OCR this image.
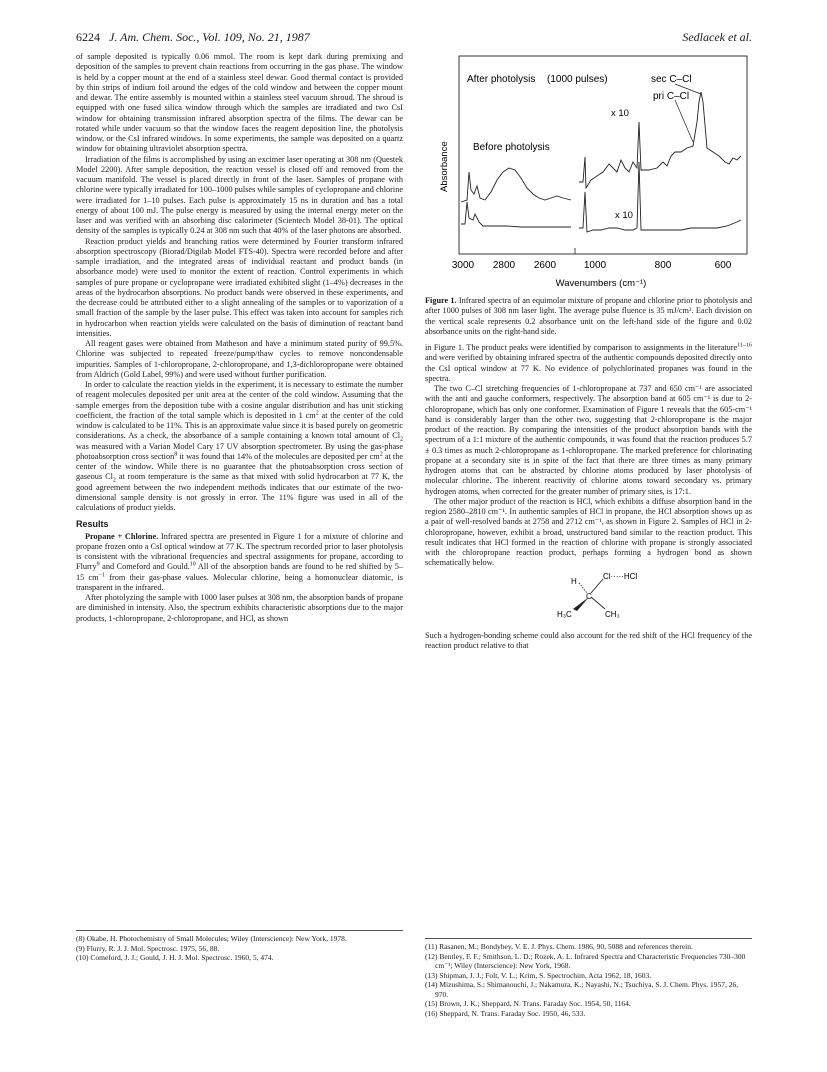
6224 J. Am. Chem. Soc., Vol. 109, No. 21, 1987	Sedlacek et al.

of sample deposited is typically 0.06 mmol. The room is kept dark during premixing and deposition of the samples to prevent chain reactions from occurring in the gas phase. The window is held by a copper mount at the end of a stainless steel dewar. Good thermal contact is provided by thin strips of indium foil around the edges of the cold window and between the copper mount and dewar. The entire assembly is mounted within a stainless steel vacuum shroud. The shroud is equipped with one fused silica window through which the samples are irradiated and two CsI window for obtaining transmission infrared absorption spectra of the films. The dewar can be rotated while under vacuum so that the window faces the reagent deposition line, the photolysis window, or the CsI infrared windows. In some experiments, the sample was deposited on a quartz window for obtaining ultraviolet absorption spectra.

Irradiation of the films is accomplished by using an excimer laser operating at 308 nm (Questek Model 2200). After sample deposition, the reaction vessel is closed off and removed from the vacuum manifold. The vessel is placed directly in front of the laser. Samples of propane with chlorine were typically irradiated for 100–1000 pulses while samples of cyclopropane and chlorine were irradiated for 1–10 pulses. Each pulse is approximately 15 ns in duration and has a total energy of about 100 mJ. The pulse energy is measured by using the internal energy meter on the laser and was verified with an absorbing disc calorimeter (Scientech Model 38-01). The optical density of the samples is typically 0.24 at 308 nm such that 40% of the laser photons are absorbed.

Reaction product yields and branching ratios were determined by Fourier transform infrared absorption spectroscopy (Biorad/Digilab Model FTS-40). Spectra were recorded before and after sample irradiation, and the integrated areas of individual reactant and product bands (in absorbance mode) were used to monitor the extent of reaction. Control experiments in which samples of pure propane or cyclopropane were irradiated exhibited slight (1–4%) decreases in the areas of the hydrocarbon absorptions. No product bands were observed in these experiments, and the decrease could be attributed either to a slight annealing of the samples or to vaporization of a small fraction of the sample by the laser pulse. This effect was taken into account for samples rich in hydrocarbon when reaction yields were calculated on the basis of diminution of reactant band intensities.

All reagent gases were obtained from Matheson and have a minimum stated purity of 99.5%. Chlorine was subjected to repeated freeze/pump/thaw cycles to remove noncondensable impurities. Samples of 1-chloropropane, 2-chloropropane, and 1,3-dichloropropane were obtained from Aldrich (Gold Label, 99%) and were used without further purification.

In order to calculate the reaction yields in the experiment, it is necessary to estimate the number of reagent molecules deposited per unit area at the center of the cold window. Assuming that the sample emerges from the deposition tube with a cosine angular distribution and has unit sticking coefficient, the fraction of the total sample which is deposited in 1 $cm^2$ at the center of the cold window is calculated to be 11%. This is an approximate value since it is based purely on geometric considerations. As a check, the absorbance of a sample containing a known total amount of $Cl_2$ was measured with a Varian Model Cary 17 UV absorption spectrometer. By using the gas-phase photoabsorption cross section$^8$ it was found that 14% of the molecules are deposited per $cm^2$ at the center of the window. While there is no guarantee that the photoabsorption cross section of gaseous $Cl_2$ at room temperature is the same as that mixed with solid hydrocarbon at 77 K, the good agreement between the two independent methods indicates that our estimate of the two-dimensional sample density is not grossly in error. The 11% figure was used in all of the calculations of product yields.

Results

Propane + Chlorine. Infrared spectra are presented in Figure 1 for a mixture of chlorine and propane frozen onto a CsI optical window at 77 K. The spectrum recorded prior to laser photolysis is consistent with the vibrational frequencies and spectral assignments for propane, according to Flurry$^9$ and Comeford and Gould.$^{10}$ All of the absorption bands are found to be red shifted by 5–15 $cm^{-1}$ from their gas-phase values. Molecular chlorine, being a homonuclear diatomic, is transparent in the infrared.

After photolyzing the sample with 1000 laser pulses at 308 nm, the absorption bands of propane are diminished in intensity. Also, the spectrum exhibits characteristic absorptions due to the major products, 1-chloropropane, 2-chloropropane, and HCl, as shown

(8) Okabe, H. Photochemistry of Small Molecules; Wiley (Interscience): New York, 1978.
(9) Flurry, R. J. J. Mol. Spectrosc. 1975, 56, 88.
(10) Comeford, J. J.; Gould, J. H. J. Mol. Spectrosc. 1960, 5, 474.
After photolysis (1000 pulses)	sec C–Cl
pri C–Cl
x 10
Before photolysis
x 10
Absorbance
3000 2800 2600	1000	800	600
Wavenumbers (cm⁻¹)
Figure 1. Infrared spectra of an equimolar mixture of propane and chlorine prior to photolysis and after 1000 pulses of 308 nm laser light. The average pulse fluence is 35 mJ/cm². Each division on the vertical scale represents 0.2 absorbance unit on the left-hand side of the figure and 0.02 absorbance units on the right-hand side.

in Figure 1. The product peaks were identified by comparison to assignments in the literature$^{11-16}$ and were verified by obtaining infrared spectra of the authentic compounds deposited directly onto the CsI optical window at 77 K. No evidence of polychlorinated propanes was found in the spectra.

The two C–Cl stretching frequencies of 1-chloropropane at 737 and 650 cm⁻¹ are associated with the anti and gauche conformers, respectively. The absorption band at 605 cm⁻¹ is due to 2-chloropropane, which has only one conformer. Examination of Figure 1 reveals that the 605-cm⁻¹ band is considerably larger than the other two, suggesting that 2-chloropropane is the major product of the reaction. By comparing the intensities of the product absorption bands with the spectrum of a 1:1 mixture of the authentic compounds, it was found that the reaction produces 5.7 ± 0.3 times as much 2-chloropropane as 1-chloropropane. The marked preference for chlorinating propane at a secondary site is in spite of the fact that there are three times as many primary hydrogen atoms that can be abstracted by chlorine atoms produced by laser photolysis of molecular chlorine. The inherent reactivity of chlorine atoms toward secondary vs. primary hydrogen atoms, when corrected for the greater number of primary sites, is 17:1.

The other major product of the reaction is HCl, which exhibits a diffuse absorption band in the region 2580–2810 cm⁻¹. In authentic samples of HCl in propane, the HCl absorption shows up as a pair of well-resolved bands at 2758 and 2712 cm⁻¹, as shown in Figure 2. Samples of HCl in 2-chloropropane, however, exhibit a broad, unstructured band similar to the reaction product. This result indicates that HCl formed in the reaction of chlorine with propane is strongly associated with the chloropropane reaction product, perhaps forming a hydrogen bond as shown schematically below.

H
C
Cl·····HCl
H₃C	CH₃

Such a hydrogen-bonding scheme could also account for the red shift of the HCl frequency of the reaction product relative to that

(11) Rasanen, M.; Bondybey, V. E. J. Phys. Chem. 1986, 90, 5088 and references therein.
(12) Bentley, F. F.; Smithson, L. D.; Rozek, A. L. Infrared Spectra and Characteristic Frequencies 730–300 cm⁻¹; Wiley (Interscience): New York, 1968.
(13) Shipman, J. J.; Folt, V. L.; Krim, S. Spectrochim. Acta 1962, 18, 1603.
(14) Mizushima, S.; Shimanouchi, J.; Nakamura, K.; Nayashi, N.; Tsuchiya, S. J. Chem. Phys. 1957, 26, 970.
(15) Brown, J. K.; Sheppard, N. Trans. Faraday Soc. 1954, 50, 1164.
(16) Sheppard, N. Trans. Faraday Soc. 1950, 46, 533.
